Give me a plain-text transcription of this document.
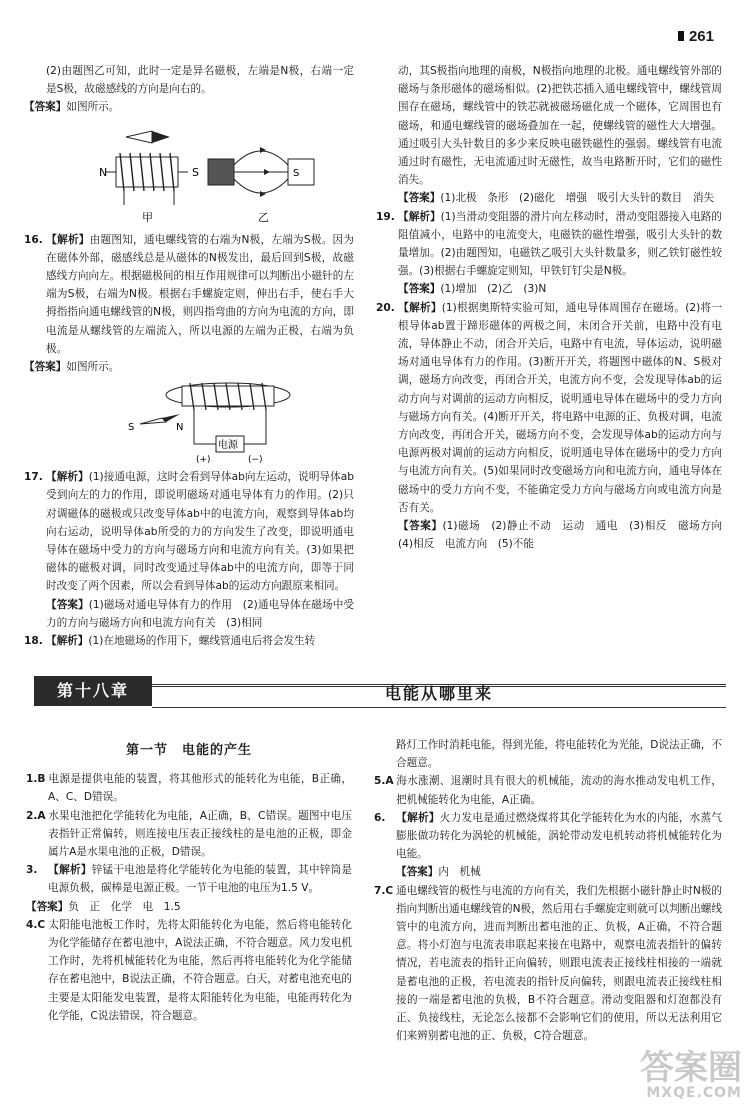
261

(2)由题图乙可知，此时一定是异名磁极，左端是N极，右端一定是S极，故磁感线的方向是向右的。

【答案】如图所示。

N	S
甲
S
乙

16. 【解析】由题图知，通电螺线管的右端为N极，左端为S极。因为在磁体外部，磁感线总是从磁体的N极发出，最后回到S极，故磁感线方向向左。根据磁极间的相互作用规律可以判断出小磁针的左端为S极，右端为N极。根据右手螺旋定则，伸出右手，使右手大拇指指向通电螺线管的N极，则四指弯曲的方向为电流的方向，即电流是从螺线管的左端流入，所以电源的左端为正极，右端为负极。

【答案】如图所示。

电源
(+)	(−)
S	N

17. 【解析】(1)接通电源，这时会看到导体ab向左运动，说明导体ab受到向左的力的作用，即说明磁场对通电导体有力的作用。(2)只对调磁体的磁极或只改变导体ab中的电流方向，观察到导体ab均向右运动，说明导体ab所受的力的方向发生了改变，即说明通电导体在磁场中受力的方向与磁场方向和电流方向有关。(3)如果把磁体的磁极对调，同时改变通过导体ab中的电流方向，即等于同时改变了两个因素，所以会看到导体ab的运动方向跟原来相同。

【答案】(1)磁场对通电导体有力的作用　(2)通电导体在磁场中受力的方向与磁场方向和电流方向有关　(3)相同

18. 【解析】(1)在地磁场的作用下，螺线管通电后将会发生转

动，其S极指向地理的南极，N极指向地理的北极。通电螺线管外部的磁场与条形磁体的磁场相似。(2)把铁芯插入通电螺线管中，螺线管周围存在磁场，螺线管中的铁芯就被磁场磁化成一个磁体，它周围也有磁场，和通电螺线管的磁场叠加在一起，使螺线管的磁性大大增强。通过吸引大头针数目的多少来反映电磁铁磁性的强弱。螺线管有电流通过时有磁性，无电流通过时无磁性，故当电路断开时，它们的磁性消失。

【答案】(1)北极　条形　(2)磁化　增强　吸引大头针的数目　消失

19. 【解析】(1)当滑动变阻器的滑片向左移动时，滑动变阻器接入电路的阻值减小，电路中的电流变大，电磁铁的磁性增强，吸引大头针的数量增加。(2)由题图知，电磁铁乙吸引大头针数量多，则乙铁钉磁性较强。(3)根据右手螺旋定则知，甲铁钉钉尖是N极。

【答案】(1)增加　(2)乙　(3)N

20. 【解析】(1)根据奥斯特实验可知，通电导体周围存在磁场。(2)将一根导体ab置于蹄形磁体的两极之间，未闭合开关前，电路中没有电流，导体静止不动，闭合开关后，电路中有电流，导体运动，说明磁场对通电导体有力的作用。(3)断开开关，将题图中磁体的N、S极对调，磁场方向改变，再闭合开关，电流方向不变，会发现导体ab的运动方向与对调前的运动方向相反，说明通电导体在磁场中的受力方向与磁场方向有关。(4)断开开关，将电路中电源的正、负极对调，电流方向改变，再闭合开关，磁场方向不变，会发现导体ab的运动方向与电源两极对调前的运动方向相反，说明通电导体在磁场中的受力方向与电流方向有关。(5)如果同时改变磁场方向和电流方向，通电导体在磁场中的受力方向不变，不能确定受力方向与磁场方向或电流方向是否有关。

【答案】(1)磁场　(2)静止不动　运动　通电　(3)相反　磁场方向　(4)相反　电流方向　(5)不能

第十八章	电能从哪里来
第一节　电能的产生

1.B 电源是提供电能的装置，将其他形式的能转化为电能，B正确，A、C、D错误。

2.A 水果电池把化学能转化为电能，A正确，B、C错误。题图中电压表指针正常偏转，则连接电压表正接线柱的是电池的正极，即金属片A是水果电池的正极，D错误。

3. 【解析】锌锰干电池是将化学能转化为电能的装置，其中锌筒是电源负极，碳棒是电源正极。一节干电池的电压为1.5 V。

【答案】负　正　化学　电　1.5

4.C 太阳能电池板工作时，先将太阳能转化为电能，然后将电能转化为化学能储存在蓄电池中，A说法正确，不符合题意。风力发电机工作时，先将机械能转化为电能，然后再将电能转化为化学能储存在蓄电池中，B说法正确，不符合题意。白天，对蓄电池充电的主要是太阳能发电装置，是将太阳能转化为电能，电能再转化为化学能，C说法错误，符合题意。

路灯工作时消耗电能，得到光能，将电能转化为光能，D说法正确，不合题意。

5.A 海水涨潮、退潮时具有很大的机械能，流动的海水推动发电机工作，把机械能转化为电能，A正确。

6. 【解析】火力发电是通过燃烧煤将其化学能转化为水的内能，水蒸气膨胀做功转化为涡轮的机械能，涡轮带动发电机转动将机械能转化为电能。

【答案】内　机械

7.C 通电螺线管的极性与电流的方向有关，我们先根据小磁针静止时N极的指向判断出通电螺线管的N极，然后用右手螺旋定则就可以判断出螺线管中的电流方向，进而判断出蓄电池的正、负极，A正确，不符合题意。将小灯泡与电流表串联起来接在电路中，观察电流表指针的偏转情况，若电流表的指针正向偏转，则跟电流表正接线柱相接的一端就是蓄电池的正极，若电流表的指针反向偏转，则跟电流表正接线柱相接的一端是蓄电池的负极，B不符合题意。滑动变阻器和灯泡都没有正、负接线柱，无论怎么接都不会影响它们的使用，所以无法利用它们来辨别蓄电池的正、负极，C符合题意。

答案圈
MXQE.COM
